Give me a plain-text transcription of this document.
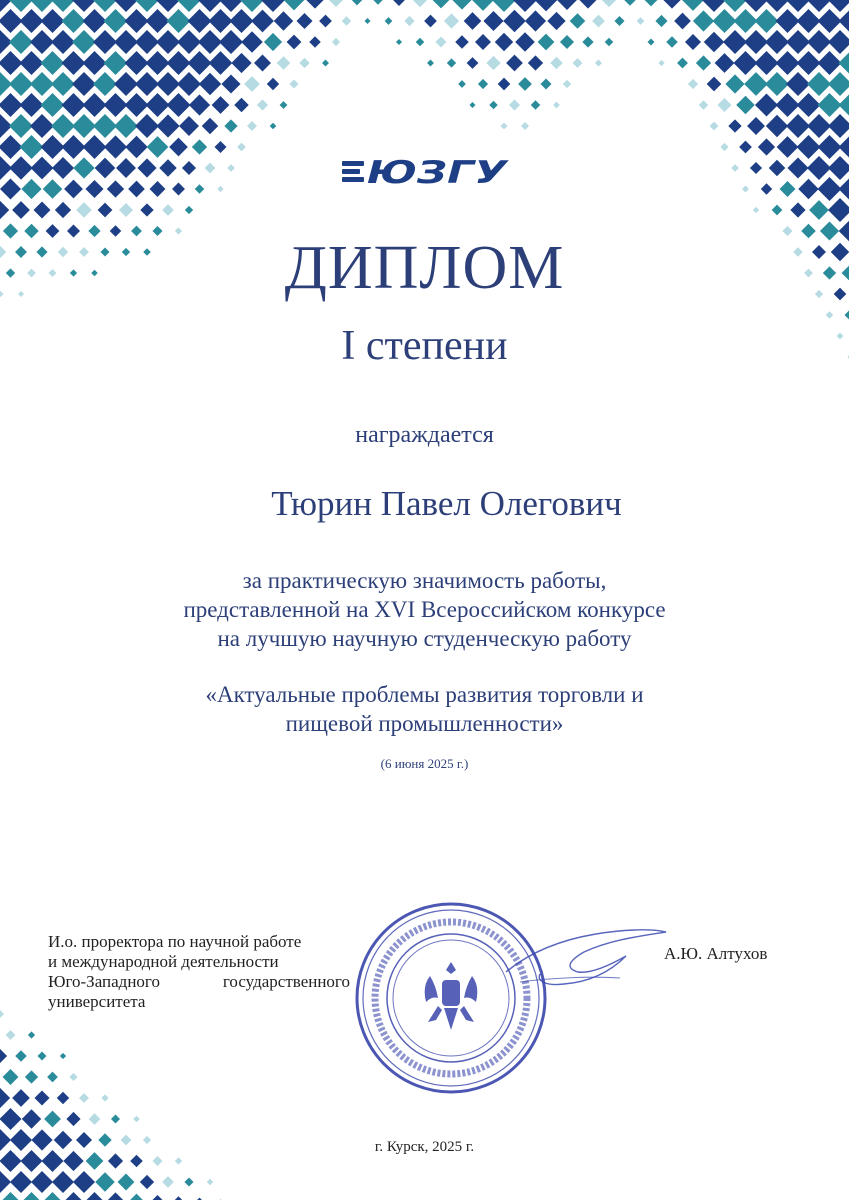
ЮЗГУ
ДИПЛОМ
I степени
награждается
Тюрин Павел Олегович
за практическую значимость работы,
представленной на XVI Всероссийском конкурсе
на лучшую научную студенческую работу
«Актуальные проблемы развития торговли и
пищевой промышленности»
(6 июня 2025 г.)
И.о. проректора по научной работе
и международной деятельности
Юго-Западного	государственного
университета
А.Ю. Алтухов
г. Курск, 2025 г.
